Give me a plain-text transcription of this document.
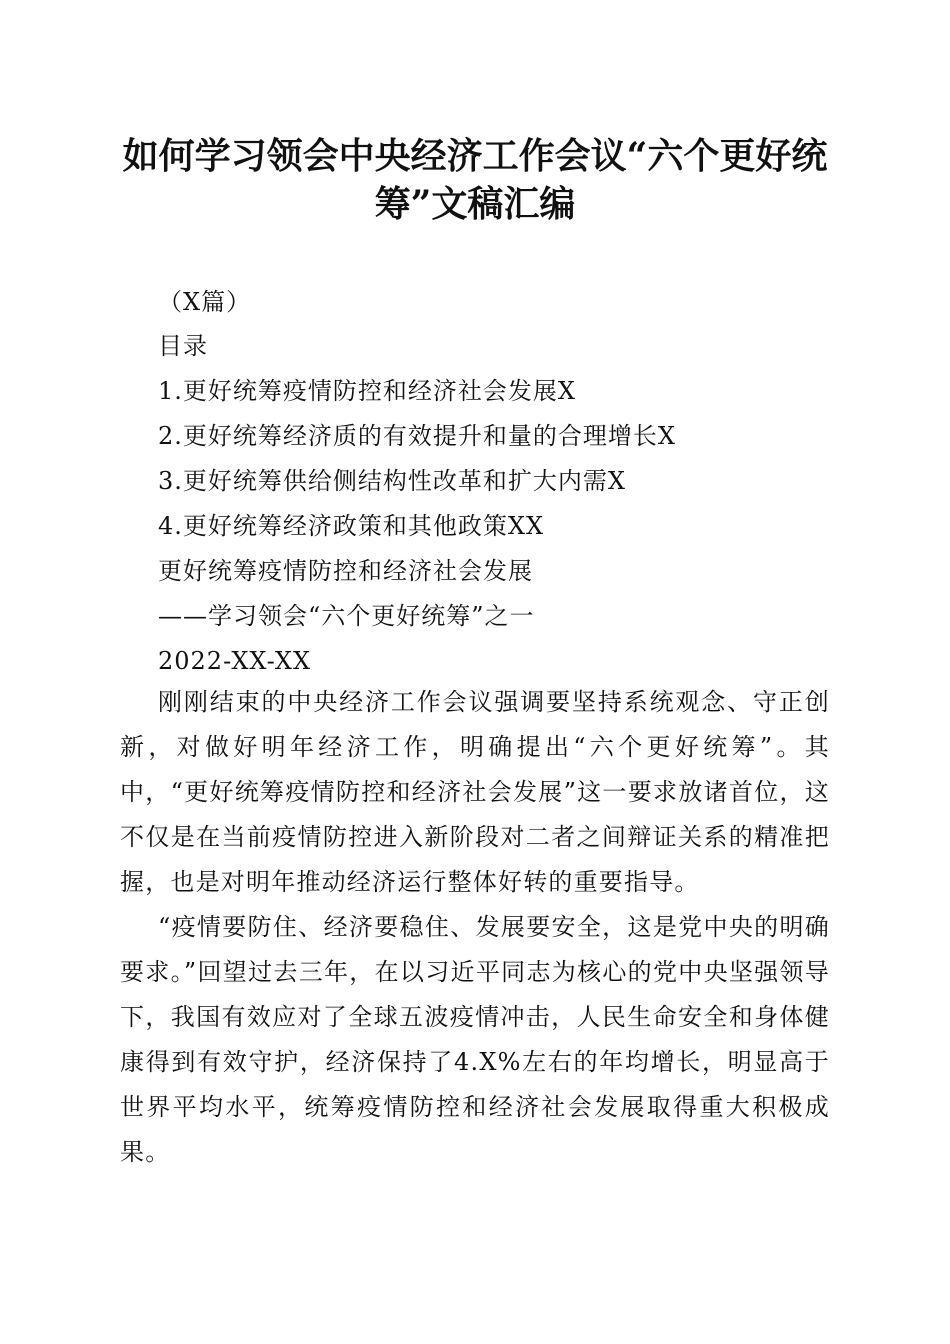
如何学习领会中央经济工作会议“六个更好统筹”文稿汇编
（X篇）
目录
1.更好统筹疫情防控和经济社会发展X
2.更好统筹经济质的有效提升和量的合理增长X
3.更好统筹供给侧结构性改革和扩大内需X
4.更好统筹经济政策和其他政策XX
更好统筹疫情防控和经济社会发展
——学习领会“六个更好统筹”之一
2022-XX-XX
刚刚结束的中央经济工作会议强调要坚持系统观念、守正创新，对做好明年经济工作，明确提出“六个更好统筹”。其中，“更好统筹疫情防控和经济社会发展”这一要求放诸首位，这不仅是在当前疫情防控进入新阶段对二者之间辩证关系的精准把握，也是对明年推动经济运行整体好转的重要指导。
“疫情要防住、经济要稳住、发展要安全，这是党中央的明确要求。”回望过去三年，在以习近平同志为核心的党中央坚强领导下，我国有效应对了全球五波疫情冲击，人民生命安全和身体健康得到有效守护，经济保持了4.X%左右的年均增长，明显高于世界平均水平，统筹疫情防控和经济社会发展取得重大积极成果。
